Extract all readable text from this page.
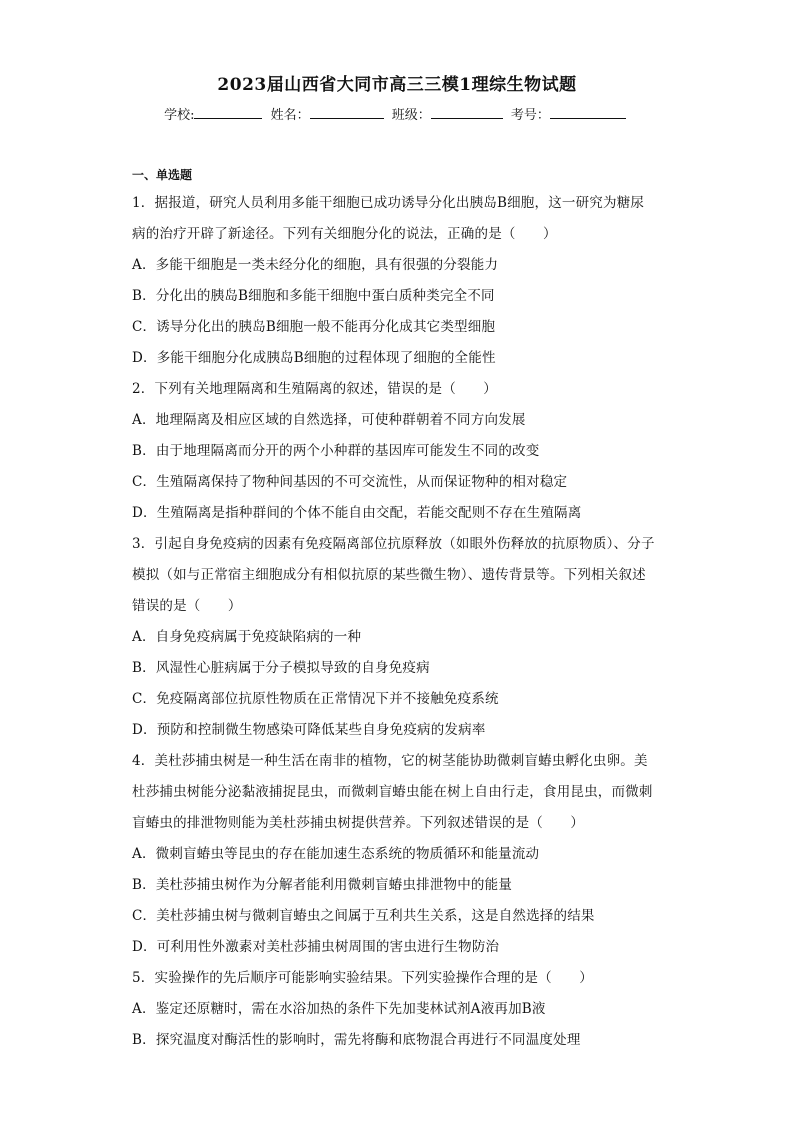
2023届山西省大同市高三三模1理综生物试题
学校:	姓名：	班级：	考号：
一、单选题
1．据报道，研究人员利用多能干细胞已成功诱导分化出胰岛B细胞，这一研究为糖尿
病的治疗开辟了新途径。下列有关细胞分化的说法，正确的是（　　）
A．多能干细胞是一类未经分化的细胞，具有很强的分裂能力
B．分化出的胰岛B细胞和多能干细胞中蛋白质种类完全不同
C．诱导分化出的胰岛B细胞一般不能再分化成其它类型细胞
D．多能干细胞分化成胰岛B细胞的过程体现了细胞的全能性
2．下列有关地理隔离和生殖隔离的叙述，错误的是（　　）
A．地理隔离及相应区域的自然选择，可使种群朝着不同方向发展
B．由于地理隔离而分开的两个小种群的基因库可能发生不同的改变
C．生殖隔离保持了物种间基因的不可交流性，从而保证物种的相对稳定
D．生殖隔离是指种群间的个体不能自由交配，若能交配则不存在生殖隔离
3．引起自身免疫病的因素有免疫隔离部位抗原释放（如眼外伤释放的抗原物质）、分子
模拟（如与正常宿主细胞成分有相似抗原的某些微生物）、遗传背景等。下列相关叙述
错误的是（　　）
A．自身免疫病属于免疫缺陷病的一种
B．风湿性心脏病属于分子模拟导致的自身免疫病
C．免疫隔离部位抗原性物质在正常情况下并不接触免疫系统
D．预防和控制微生物感染可降低某些自身免疫病的发病率
4．美杜莎捕虫树是一种生活在南非的植物，它的树茎能协助微刺盲蝽虫孵化虫卵。美
杜莎捕虫树能分泌黏液捕捉昆虫，而微刺盲蝽虫能在树上自由行走，食用昆虫，而微刺
盲蝽虫的排泄物则能为美杜莎捕虫树提供营养。下列叙述错误的是（　　）
A．微刺盲蝽虫等昆虫的存在能加速生态系统的物质循环和能量流动
B．美杜莎捕虫树作为分解者能利用微刺盲蝽虫排泄物中的能量
C．美杜莎捕虫树与微刺盲蝽虫之间属于互利共生关系，这是自然选择的结果
D．可利用性外激素对美杜莎捕虫树周围的害虫进行生物防治
5．实验操作的先后顺序可能影响实验结果。下列实验操作合理的是（　　）
A．鉴定还原糖时，需在水浴加热的条件下先加斐林试剂A液再加B液
B．探究温度对酶活性的影响时，需先将酶和底物混合再进行不同温度处理
